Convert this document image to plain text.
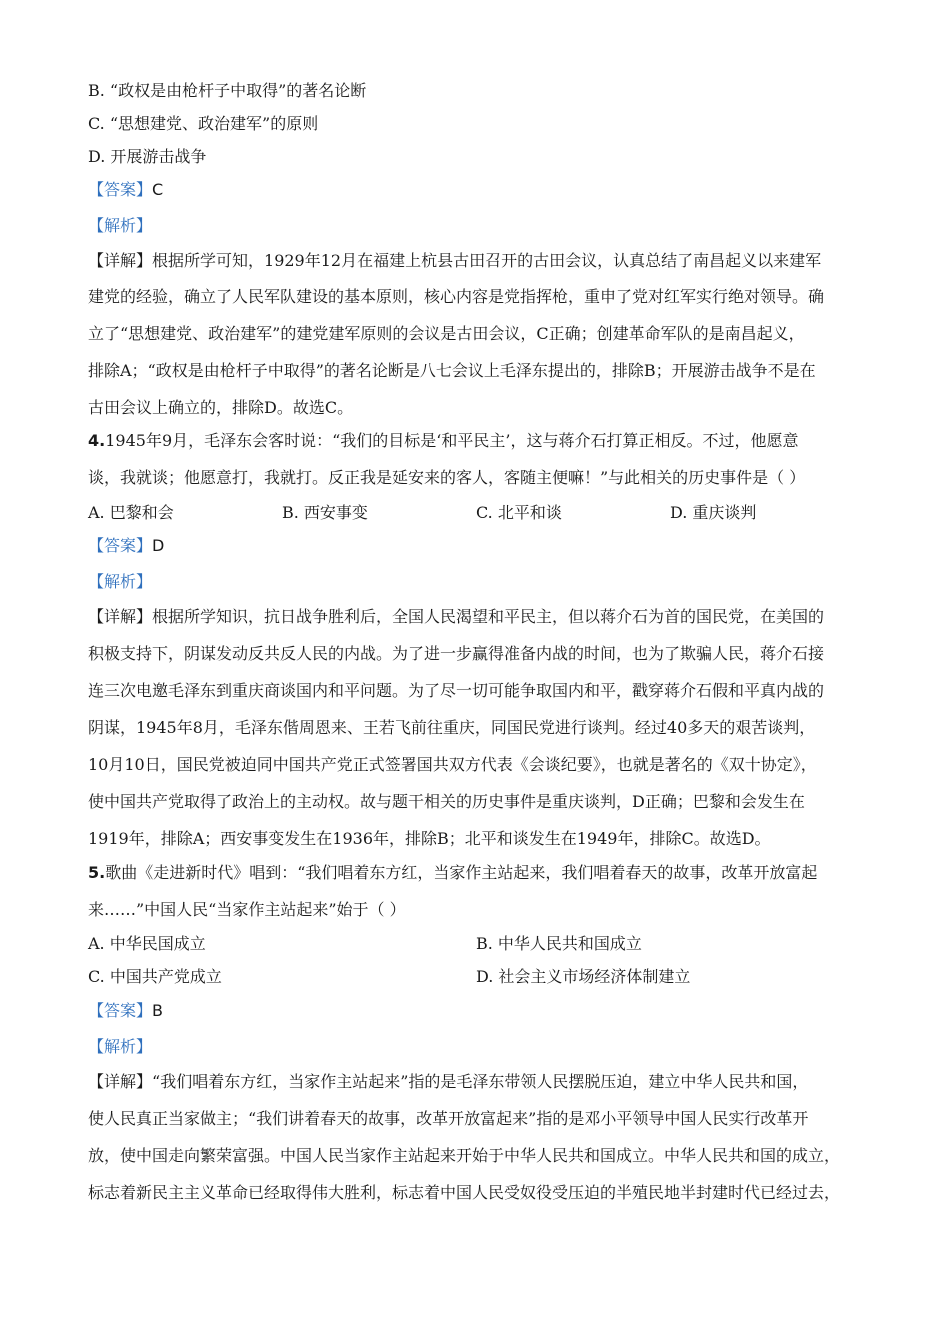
B. “政权是由枪杆子中取得”的著名论断
C. “思想建党、政治建军”的原则
D. 开展游击战争
【答案】C
【解析】
【详解】根据所学可知，1929年12月在福建上杭县古田召开的古田会议，认真总结了南昌起义以来建军
建党的经验，确立了人民军队建设的基本原则，核心内容是党指挥枪，重申了党对红军实行绝对领导。确
立了“思想建党、政治建军”的建党建军原则的会议是古田会议，C正确；创建革命军队的是南昌起义，
排除A；“政权是由枪杆子中取得”的著名论断是八七会议上毛泽东提出的，排除B；开展游击战争不是在
古田会议上确立的，排除D。故选C。
4.1945年9月，毛泽东会客时说：“我们的目标是‘和平民主’，这与蒋介石打算正相反。不过，他愿意
谈，我就谈；他愿意打，我就打。反正我是延安来的客人，客随主便嘛！”与此相关的历史事件是（ ）
A. 巴黎和会	B. 西安事变	C. 北平和谈	D. 重庆谈判
【答案】D
【解析】
【详解】根据所学知识，抗日战争胜利后，全国人民渴望和平民主，但以蒋介石为首的国民党，在美国的
积极支持下，阴谋发动反共反人民的内战。为了进一步赢得准备内战的时间，也为了欺骗人民，蒋介石接
连三次电邀毛泽东到重庆商谈国内和平问题。为了尽一切可能争取国内和平，戳穿蒋介石假和平真内战的
阴谋，1945年8月，毛泽东偕周恩来、王若飞前往重庆，同国民党进行谈判。经过40多天的艰苦谈判，
10月10日，国民党被迫同中国共产党正式签署国共双方代表《会谈纪要》，也就是著名的《双十协定》，
使中国共产党取得了政治上的主动权。故与题干相关的历史事件是重庆谈判，D正确；巴黎和会发生在
1919年，排除A；西安事变发生在1936年，排除B；北平和谈发生在1949年，排除C。故选D。
5.歌曲《走进新时代》唱到：“我们唱着东方红，当家作主站起来，我们唱着春天的故事，改革开放富起
来……”中国人民“当家作主站起来”始于（ ）
A. 中华民国成立	B. 中华人民共和国成立
C. 中国共产党成立	D. 社会主义市场经济体制建立
【答案】B
【解析】
【详解】“我们唱着东方红，当家作主站起来”指的是毛泽东带领人民摆脱压迫，建立中华人民共和国，
使人民真正当家做主；“我们讲着春天的故事，改革开放富起来”指的是邓小平领导中国人民实行改革开
放，使中国走向繁荣富强。中国人民当家作主站起来开始于中华人民共和国成立。中华人民共和国的成立，
标志着新民主主义革命已经取得伟大胜利，标志着中国人民受奴役受压迫的半殖民地半封建时代已经过去，
